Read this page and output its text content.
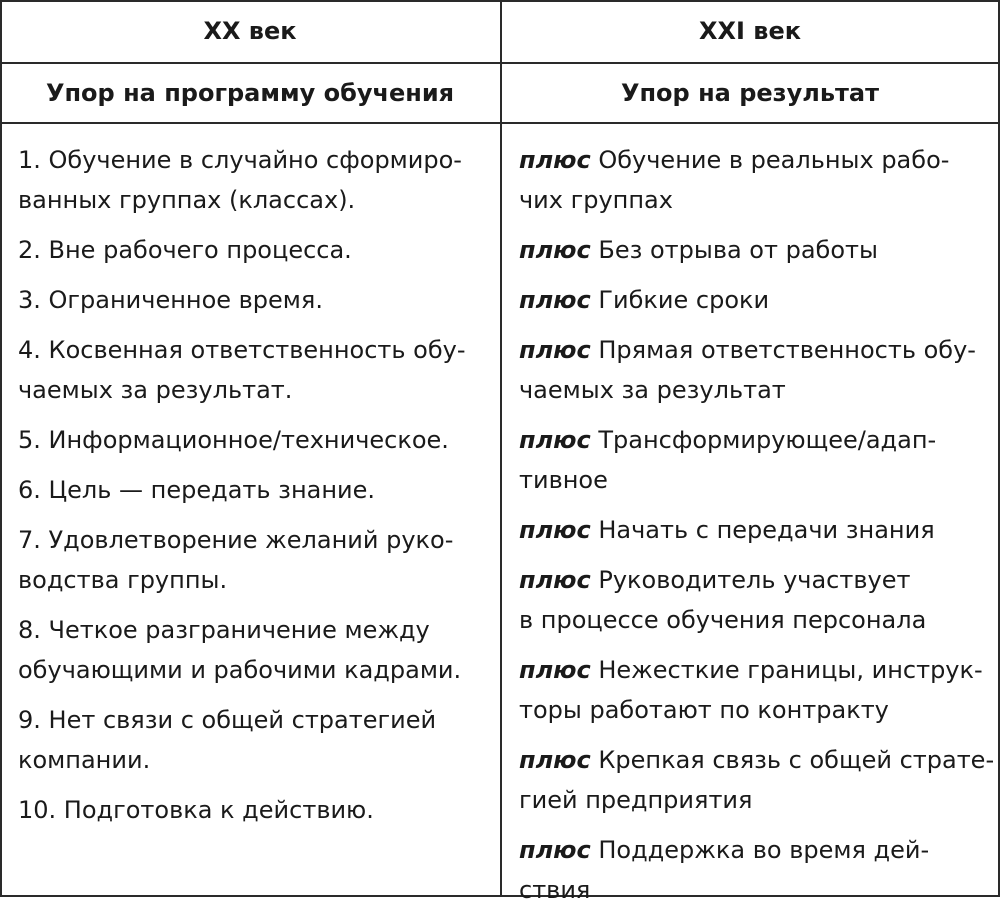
XX век	XXI век
Упор на программу обучения	Упор на результат
1. Обучение в случайно сформиро-
ванных группах (классах).
2. Вне рабочего процесса.
3. Ограниченное время.
4. Косвенная ответственность обу-
чаемых за результат.
5. Информационное/техническое.
6. Цель — передать знание.
7. Удовлетворение желаний руко-
водства группы.
8. Четкое разграничение между
обучающими и рабочими кадрами.
9. Нет связи с общей стратегией
компании.
10. Подготовка к действию.
плюс Обучение в реальных рабо-
чих группах
плюс Без отрыва от работы
плюс Гибкие сроки
плюс Прямая ответственность обу-
чаемых за результат
плюс Трансформирующее/адап-
тивное
плюс Начать с передачи знания
плюс Руководитель участвует
в процессе обучения персонала
плюс Нежесткие границы, инструк-
торы работают по контракту
плюс Крепкая связь с общей страте-
гией предприятия
плюс Поддержка во время дей-
ствия
